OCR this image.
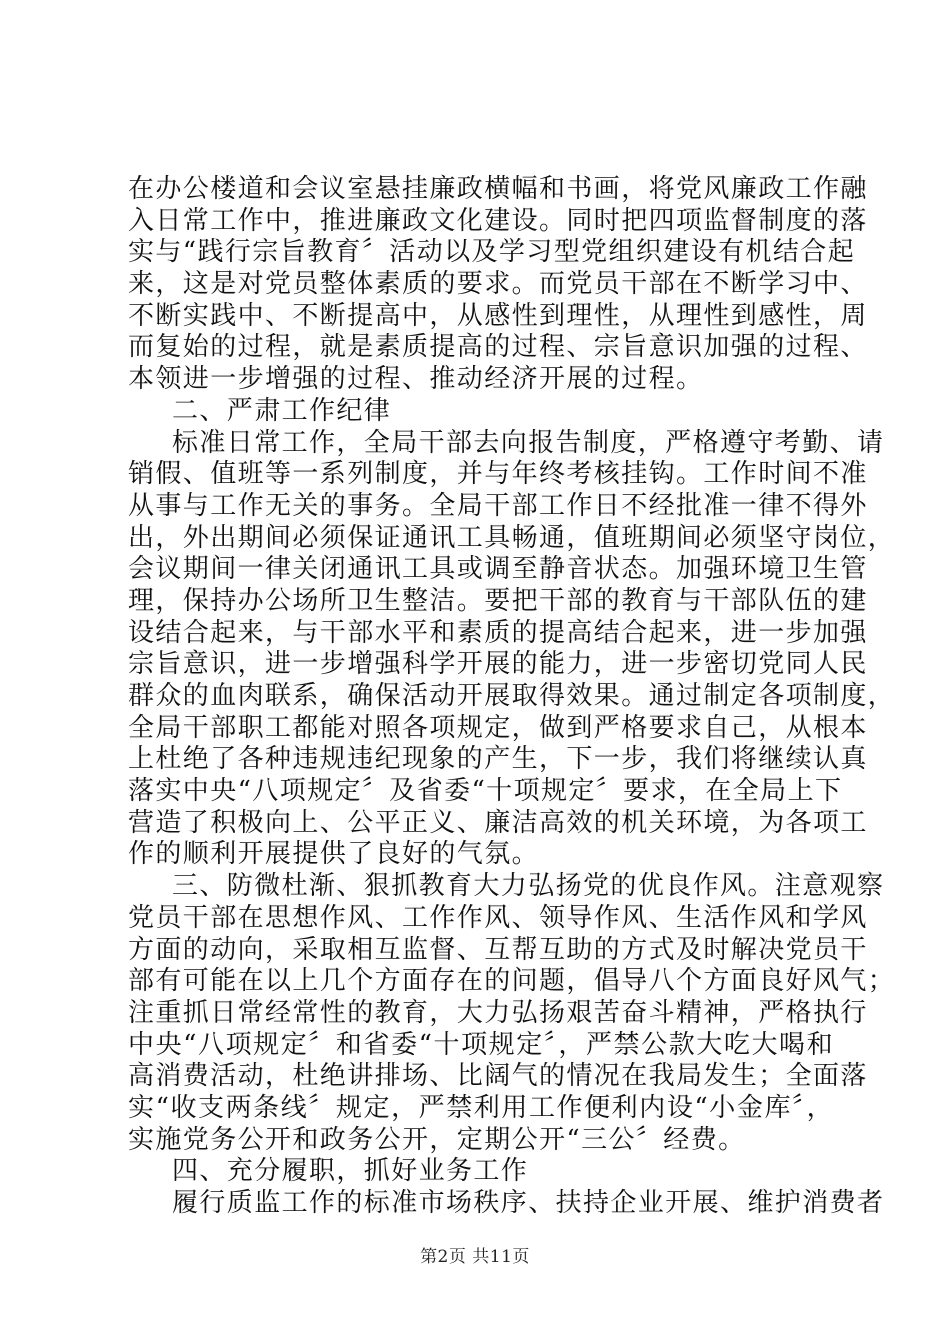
在办公楼道和会议室悬挂廉政横幅和书画，将党风廉政工作融
入日常工作中，推进廉政文化建设。同时把四项监督制度的落
实与“践行宗旨教育〞活动以及学习型党组织建设有机结合起
来，这是对党员整体素质的要求。而党员干部在不断学习中、
不断实践中、不断提高中，从感性到理性，从理性到感性，周
而复始的过程，就是素质提高的过程、宗旨意识加强的过程、
本领进一步增强的过程、推动经济开展的过程。
二、严肃工作纪律
标准日常工作，全局干部去向报告制度，严格遵守考勤、请
销假、值班等一系列制度，并与年终考核挂钩。工作时间不准
从事与工作无关的事务。全局干部工作日不经批准一律不得外
出，外出期间必须保证通讯工具畅通，值班期间必须坚守岗位，
会议期间一律关闭通讯工具或调至静音状态。加强环境卫生管
理，保持办公场所卫生整洁。要把干部的教育与干部队伍的建
设结合起来，与干部水平和素质的提高结合起来，进一步加强
宗旨意识，进一步增强科学开展的能力，进一步密切党同人民
群众的血肉联系，确保活动开展取得效果。通过制定各项制度，
全局干部职工都能对照各项规定，做到严格要求自己，从根本
上杜绝了各种违规违纪现象的产生，下一步，我们将继续认真
落实中央“八项规定〞及省委“十项规定〞要求，在全局上下
营造了积极向上、公平正义、廉洁高效的机关环境，为各项工
作的顺利开展提供了良好的气氛。
三、防微杜渐、狠抓教育大力弘扬党的优良作风。注意观察
党员干部在思想作风、工作作风、领导作风、生活作风和学风
方面的动向，采取相互监督、互帮互助的方式及时解决党员干
部有可能在以上几个方面存在的问题，倡导八个方面良好风气；
注重抓日常经常性的教育，大力弘扬艰苦奋斗精神，严格执行
中央“八项规定〞和省委“十项规定〞，严禁公款大吃大喝和
高消费活动，杜绝讲排场、比阔气的情况在我局发生；全面落
实“收支两条线〞规定，严禁利用工作便利内设“小金库〞，
实施党务公开和政务公开，定期公开“三公〞经费。
四、充分履职，抓好业务工作
履行质监工作的标准市场秩序、扶持企业开展、维护消费者
第2页 共11页
